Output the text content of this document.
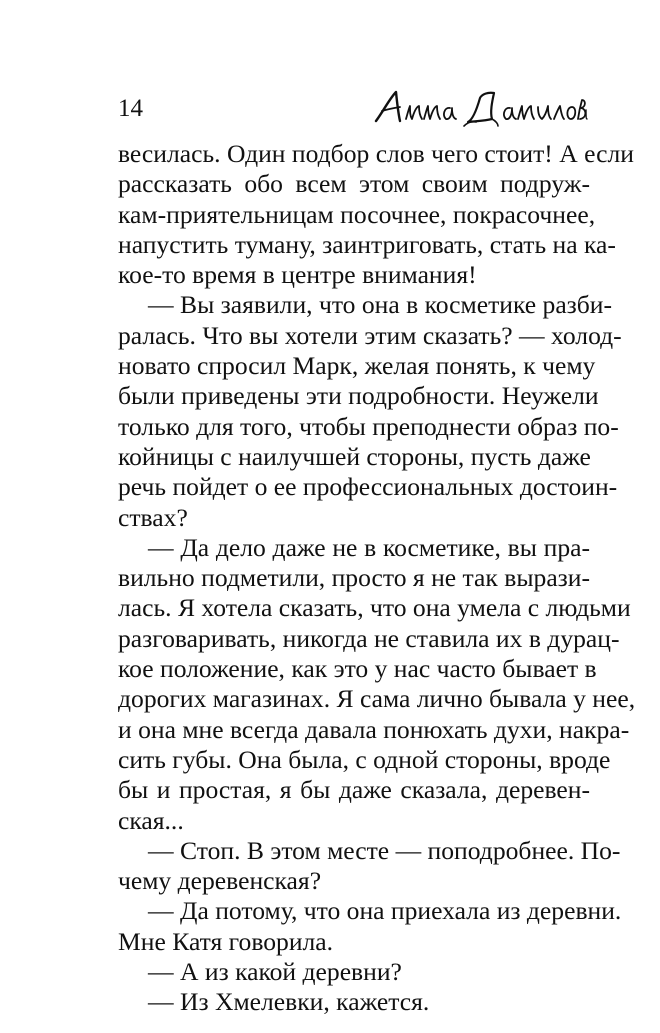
14
весилась. Один подбор слов чего стоит! А если
рассказать обо всем этом своим подруж-
кам-приятельницам посочнее, покрасочнее,
напустить туману, заинтриговать, стать на ка-
кое-то время в центре внимания!
— Вы заявили, что она в косметике разби-
ралась. Что вы хотели этим сказать? — холод-
новато спросил Марк, желая понять, к чему
были приведены эти подробности. Неужели
только для того, чтобы преподнести образ по-
койницы с наилучшей стороны, пусть даже
речь пойдет о ее профессиональных достоин-
ствах?
— Да дело даже не в косметике, вы пра-
вильно подметили, просто я не так вырази-
лась. Я хотела сказать, что она умела с людьми
разговаривать, никогда не ставила их в дурац-
кое положение, как это у нас часто бывает в
дорогих магазинах. Я сама лично бывала у нее,
и она мне всегда давала понюхать духи, накра-
сить губы. Она была, с одной стороны, вроде
бы и простая, я бы даже сказала, деревен-
ская...
— Стоп. В этом месте — поподробнее. По-
чему деревенская?
— Да потому, что она приехала из деревни.
Мне Катя говорила.
— А из какой деревни?
— Из Хмелевки, кажется.
